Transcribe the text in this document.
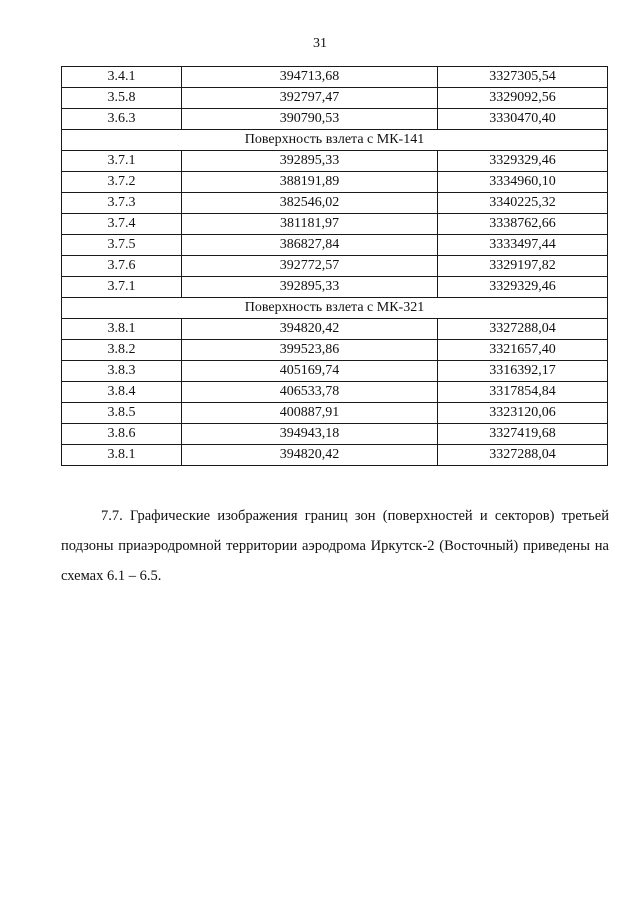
31
3.4.1	394713,68	3327305,54
3.5.8	392797,47	3329092,56
3.6.3	390790,53	3330470,40
Поверхность взлета с МК-141		
3.7.1	392895,33	3329329,46
3.7.2	388191,89	3334960,10
3.7.3	382546,02	3340225,32
3.7.4	381181,97	3338762,66
3.7.5	386827,84	3333497,44
3.7.6	392772,57	3329197,82
3.7.1	392895,33	3329329,46
Поверхность взлета с МК-321		
3.8.1	394820,42	3327288,04
3.8.2	399523,86	3321657,40
3.8.3	405169,74	3316392,17
3.8.4	406533,78	3317854,84
3.8.5	400887,91	3323120,06
3.8.6	394943,18	3327419,68
3.8.1	394820,42	3327288,04

7.7. Графические изображения границ зон (поверхностей и секторов) третьей подзоны приаэродромной территории аэродрома Иркутск-2 (Восточный) приведены на схемах 6.1 – 6.5.
